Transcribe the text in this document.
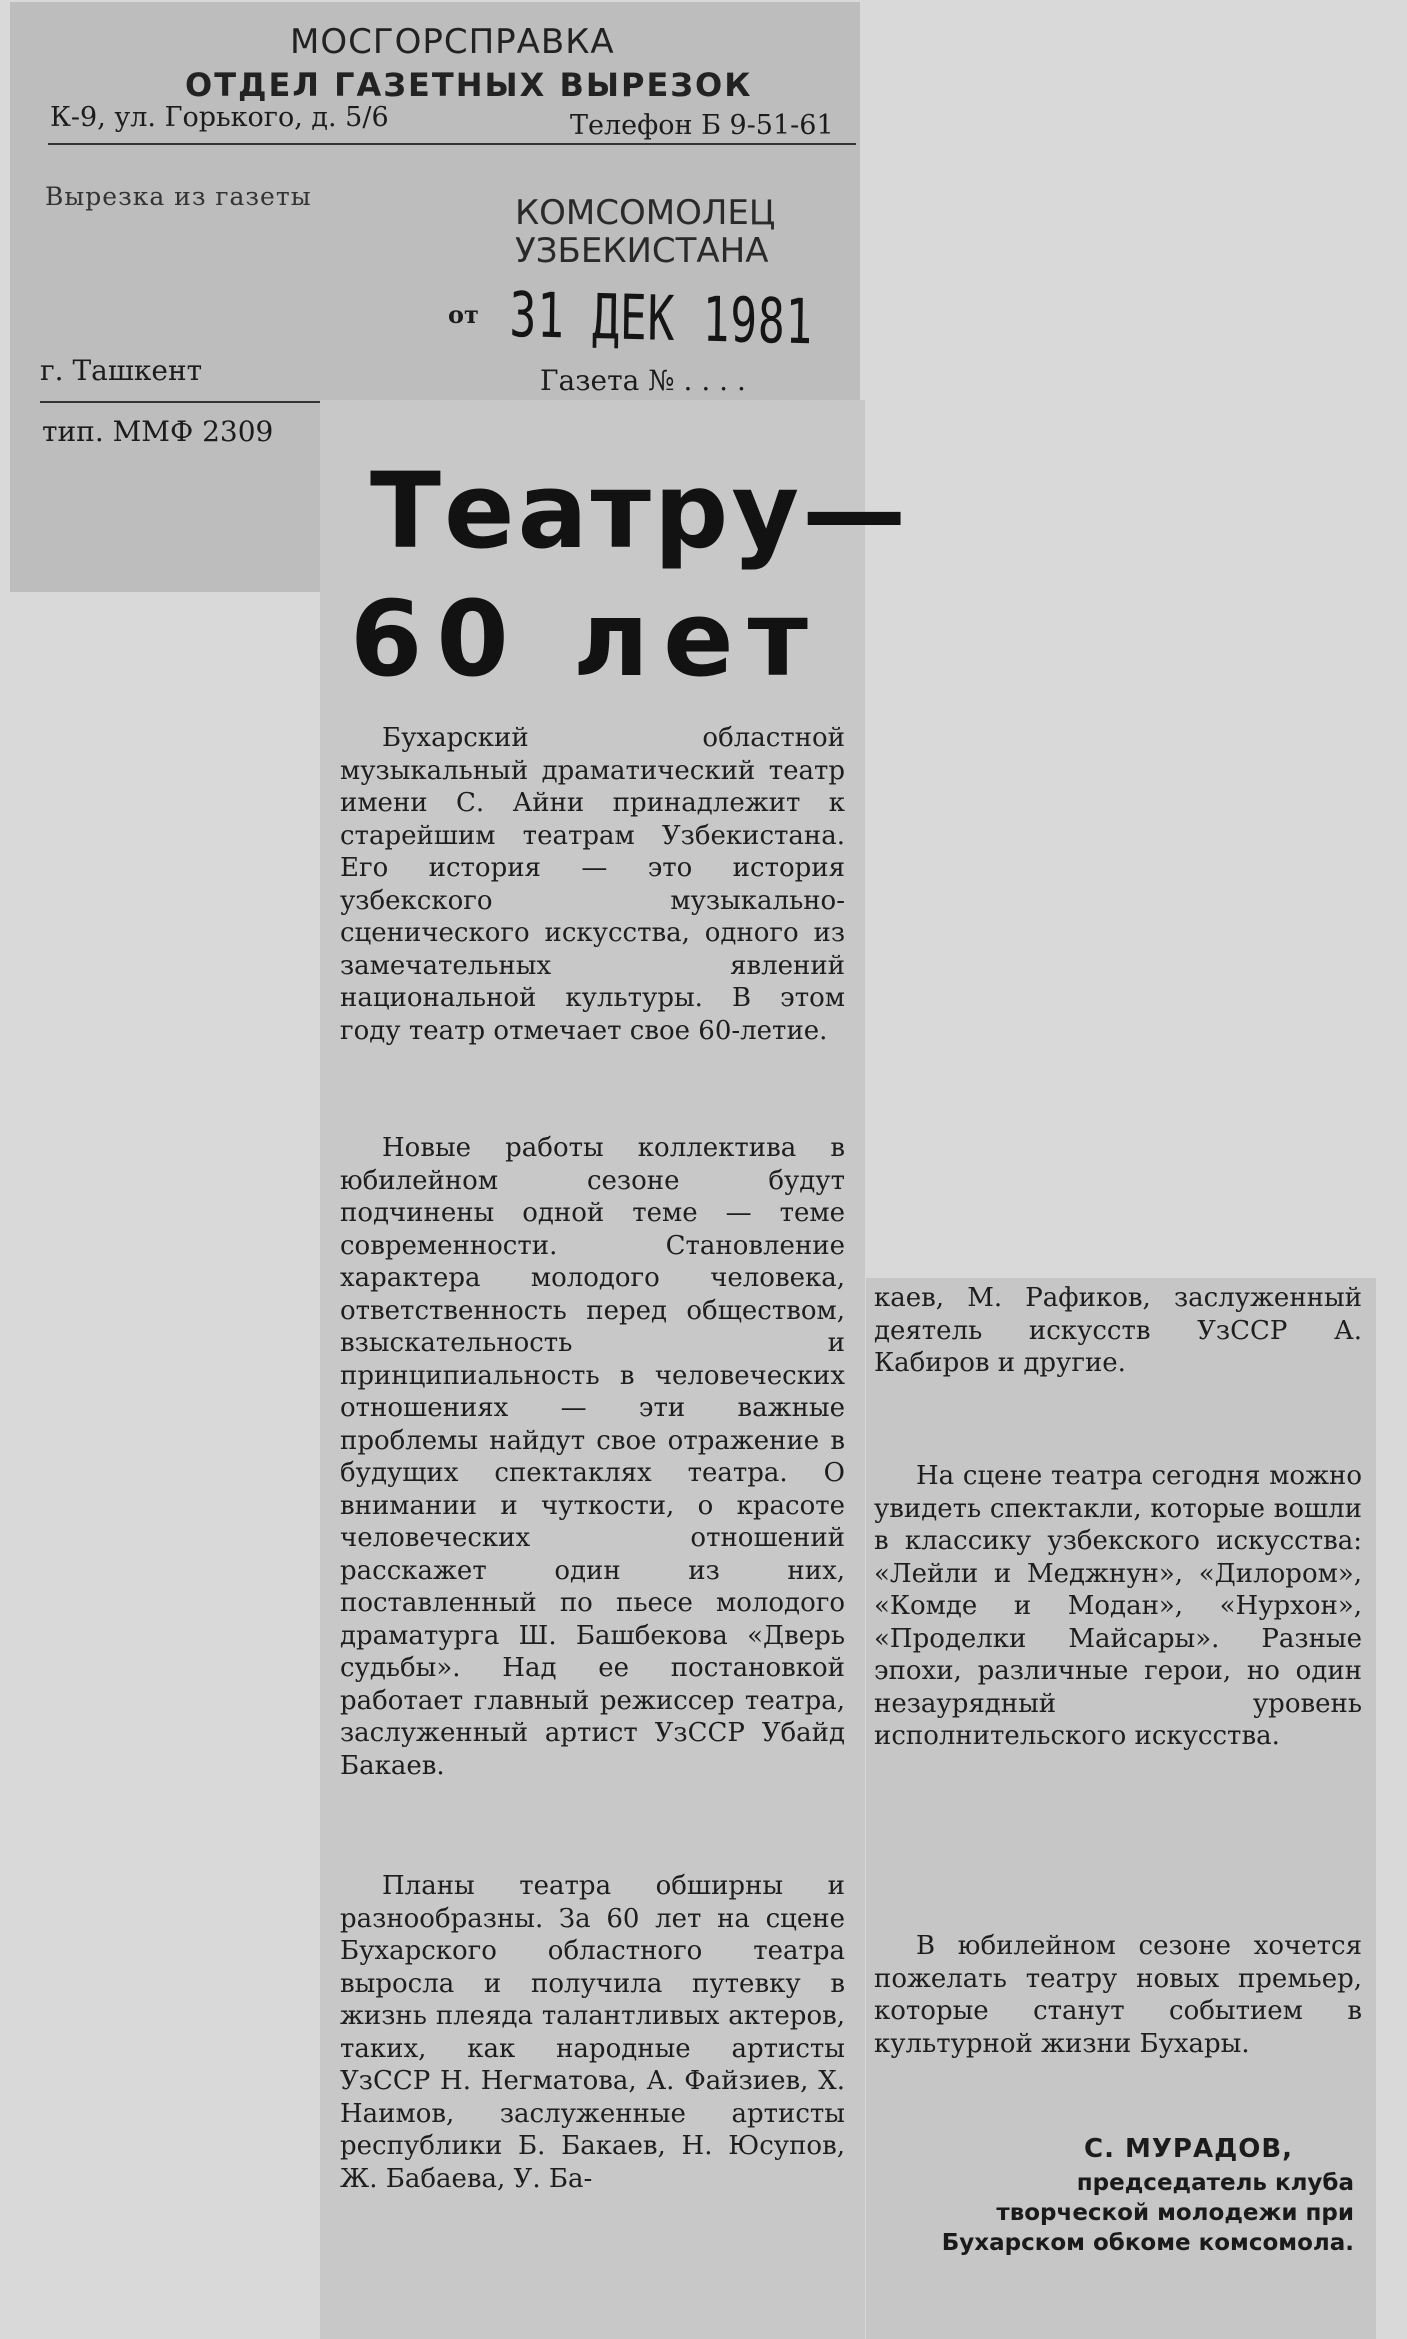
МОСГОРСПРАВКА
ОТДЕЛ ГАЗЕТНЫХ ВЫРЕЗОК
К-9, ул. Горького, д. 5/6	Телефон Б 9-51-61
Вырезка из газеты	КОМСОМОЛЕЦ УЗБЕКИСТАНА
от 31 ДЕК 1981
г. Ташкент	Газета № . . . .
тип. ММФ 2309
Театру—
60 лет

Бухарский областной музыкальный драматический театр имени С. Айни принадлежит к старейшим театрам Узбекистана. Его история — это история узбекского музыкально-сценического искусства, одного из замечательных явлений национальной культуры. В этом году театр отмечает свое 60-летие.

Новые работы коллектива в юбилейном сезоне будут подчинены одной теме — теме современности. Становление характера молодого человека, ответственность перед обществом, взыскательность и принципиальность в человеческих отношениях — эти важные проблемы найдут свое отражение в будущих спектаклях театра. О внимании и чуткости, о красоте человеческих отношений расскажет один из них, поставленный по пьесе молодого драматурга Ш. Башбекова «Дверь судьбы». Над ее постановкой работает главный режиссер театра, заслуженный артист УзССР Убайд Бакаев.

Планы театра обширны и разнообразны. За 60 лет на сцене Бухарского областного театра выросла и получила путевку в жизнь плеяда талантливых актеров, таких, как народные артисты УзССР Н. Негматова, А. Файзиев, Х. Наимов, заслуженные артисты республики Б. Бакаев, Н. Юсупов, Ж. Бабаева, У. Ба-

каев, М. Рафиков, заслуженный деятель искусств УзССР А. Кабиров и другие.

На сцене театра сегодня можно увидеть спектакли, которые вошли в классику узбекского искусства: «Лейли и Меджнун», «Дилором», «Комде и Модан», «Нурхон», «Проделки Майсары». Разные эпохи, различные герои, но один незаурядный уровень исполнительского искусства.

В юбилейном сезоне хочется пожелать театру новых премьер, которые станут событием в культурной жизни Бухары.

С. МУРАДОВ,
председатель клуба творческой молодежи при Бухарском обкоме комсомола.
